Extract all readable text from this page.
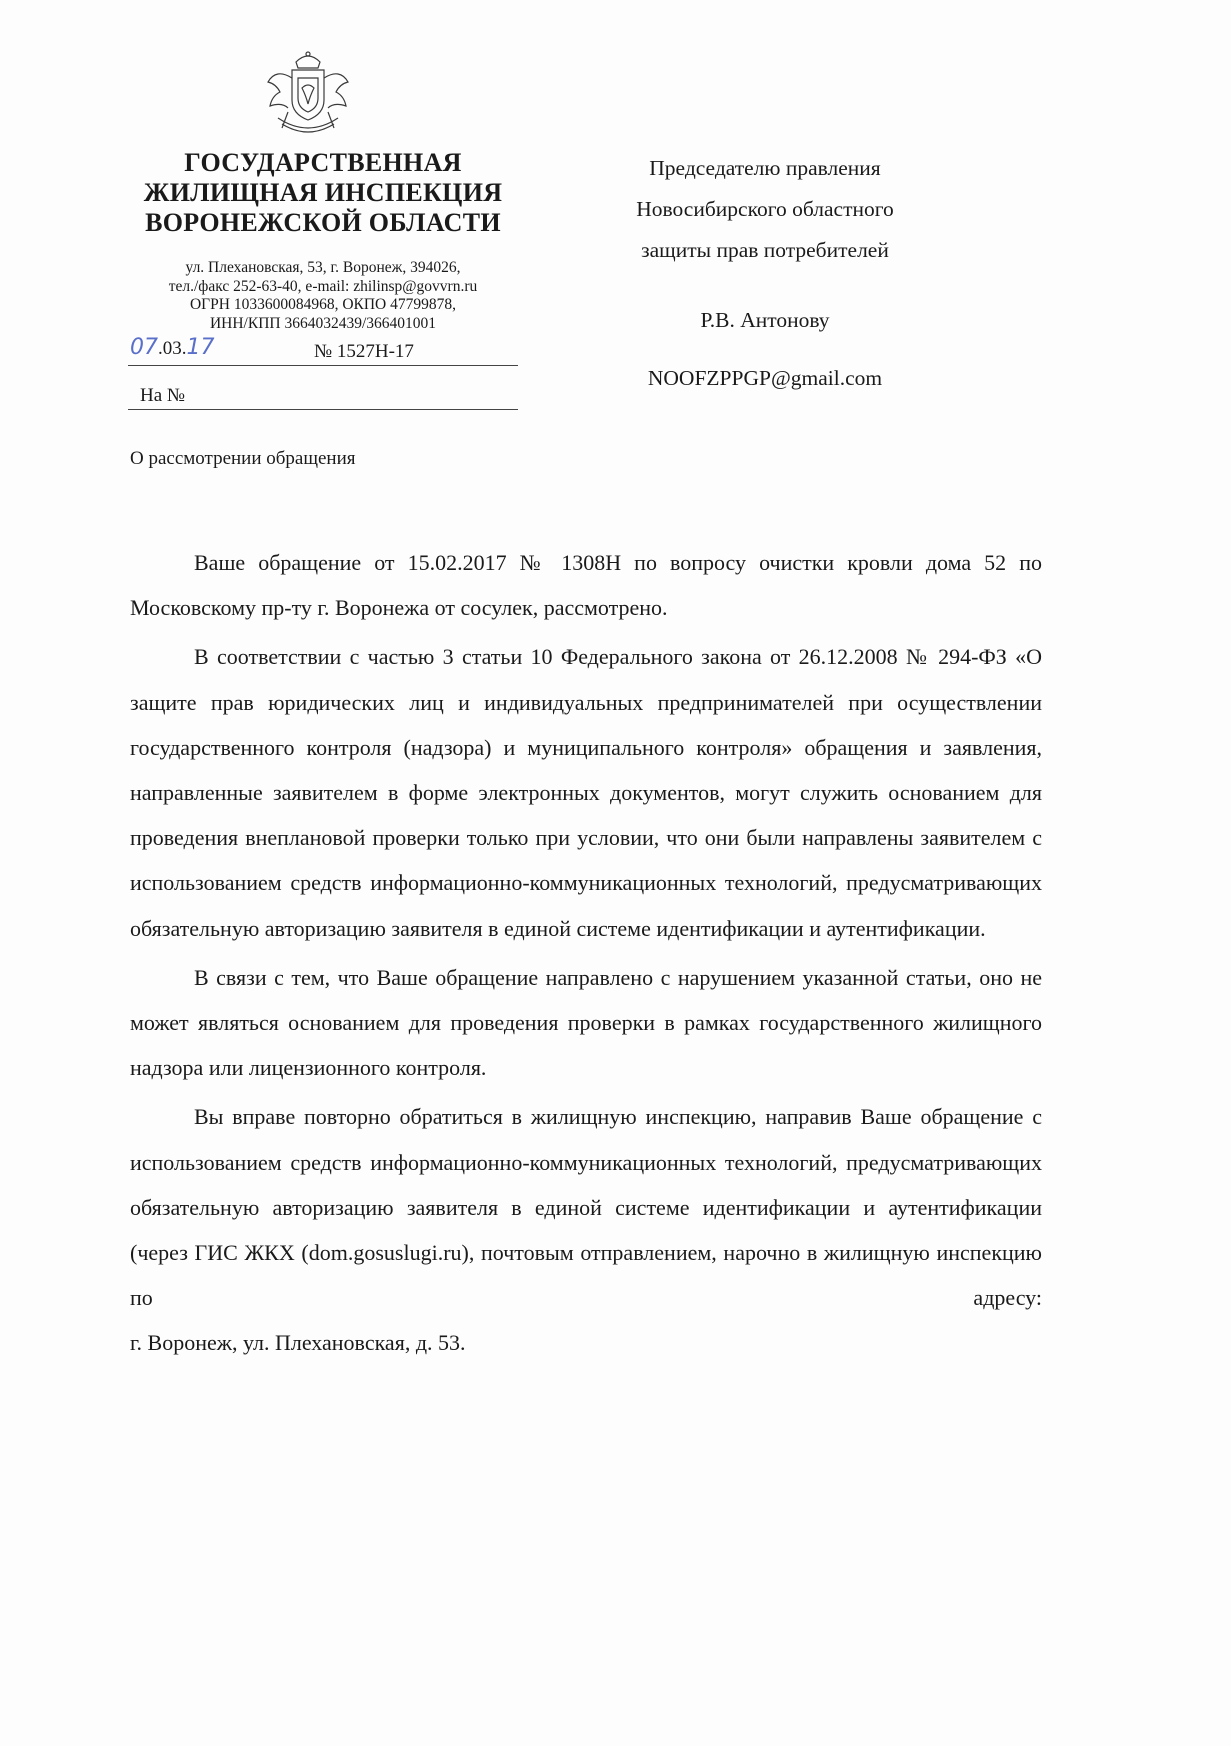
ГОСУДАРСТВЕННАЯ
ЖИЛИЩНАЯ ИНСПЕКЦИЯ
ВОРОНЕЖСКОЙ ОБЛАСТИ
ул. Плехановская, 53, г. Воронеж, 394026,
тел./факс 252-63-40, e-mail: zhilinsp@govvrn.ru
ОГРН 1033600084968, ОКПО 47799878,
ИНН/КПП 3664032439/366401001
07.03.17	№ 1527Н-17
На №
Председателю правления
Новосибирского областного
защиты прав потребителей
Р.В. Антонову
NOOFZPPGP@gmail.com
О рассмотрении обращения

Ваше обращение от 15.02.2017 № 1308Н по вопросу очистки кровли дома 52 по Московскому пр-ту г. Воронежа от сосулек, рассмотрено.

В соответствии с частью 3 статьи 10 Федерального закона от 26.12.2008 № 294-ФЗ «О защите прав юридических лиц и индивидуальных предпринимателей при осуществлении государственного контроля (надзора) и муниципального контроля» обращения и заявления, направленные заявителем в форме электронных документов, могут служить основанием для проведения внеплановой проверки только при условии, что они были направлены заявителем с использованием средств информационно-коммуникационных технологий, предусматривающих обязательную авторизацию заявителя в единой системе идентификации и аутентификации.

В связи с тем, что Ваше обращение направлено с нарушением указанной статьи, оно не может являться основанием для проведения проверки в рамках государственного жилищного надзора или лицензионного контроля.

Вы вправе повторно обратиться в жилищную инспекцию, направив Ваше обращение с использованием средств информационно-коммуникационных технологий, предусматривающих обязательную авторизацию заявителя в единой системе идентификации и аутентификации (через ГИС ЖКХ (dom.gosuslugi.ru), почтовым отправлением, нарочно в жилищную инспекцию по адресу:

г. Воронеж, ул. Плехановская, д. 53.
